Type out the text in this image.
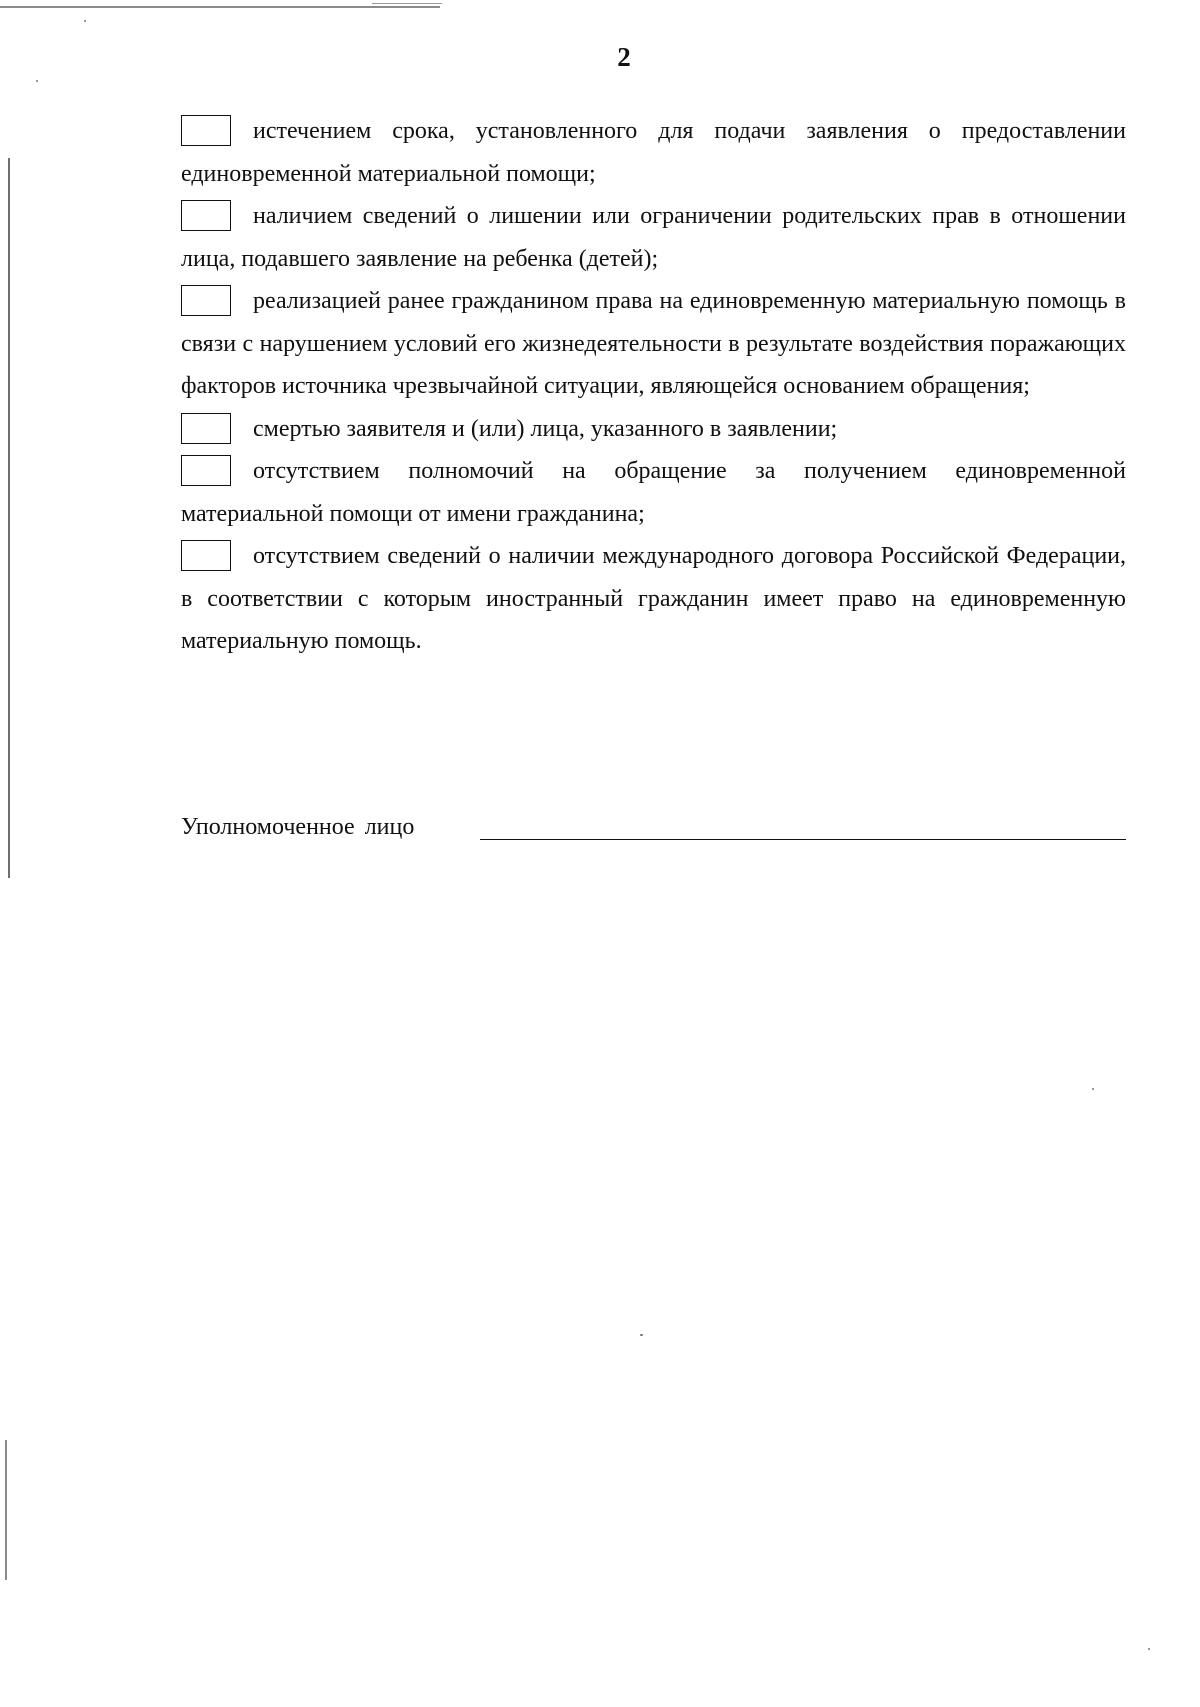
2

истечением срока, установленного для подачи заявления о предоставлении единовременной материальной помощи;

наличием сведений о лишении или ограничении родительских прав в отношении лица, подавшего заявление на ребенка (детей);

реализацией ранее гражданином права на единовременную материальную помощь в связи с нарушением условий его жизнедеятельности в результате воздействия поражающих факторов источника чрезвычайной ситуации, являющейся основанием обращения;

смертью заявителя и (или) лица, указанного в заявлении;

отсутствием полномочий на обращение за получением единовременной материальной помощи от имени гражданина;

отсутствием сведений о наличии международного договора Российской Федерации, в соответствии с которым иностранный гражданин имеет право на единовременную материальную помощь.

Уполномоченное лицо
